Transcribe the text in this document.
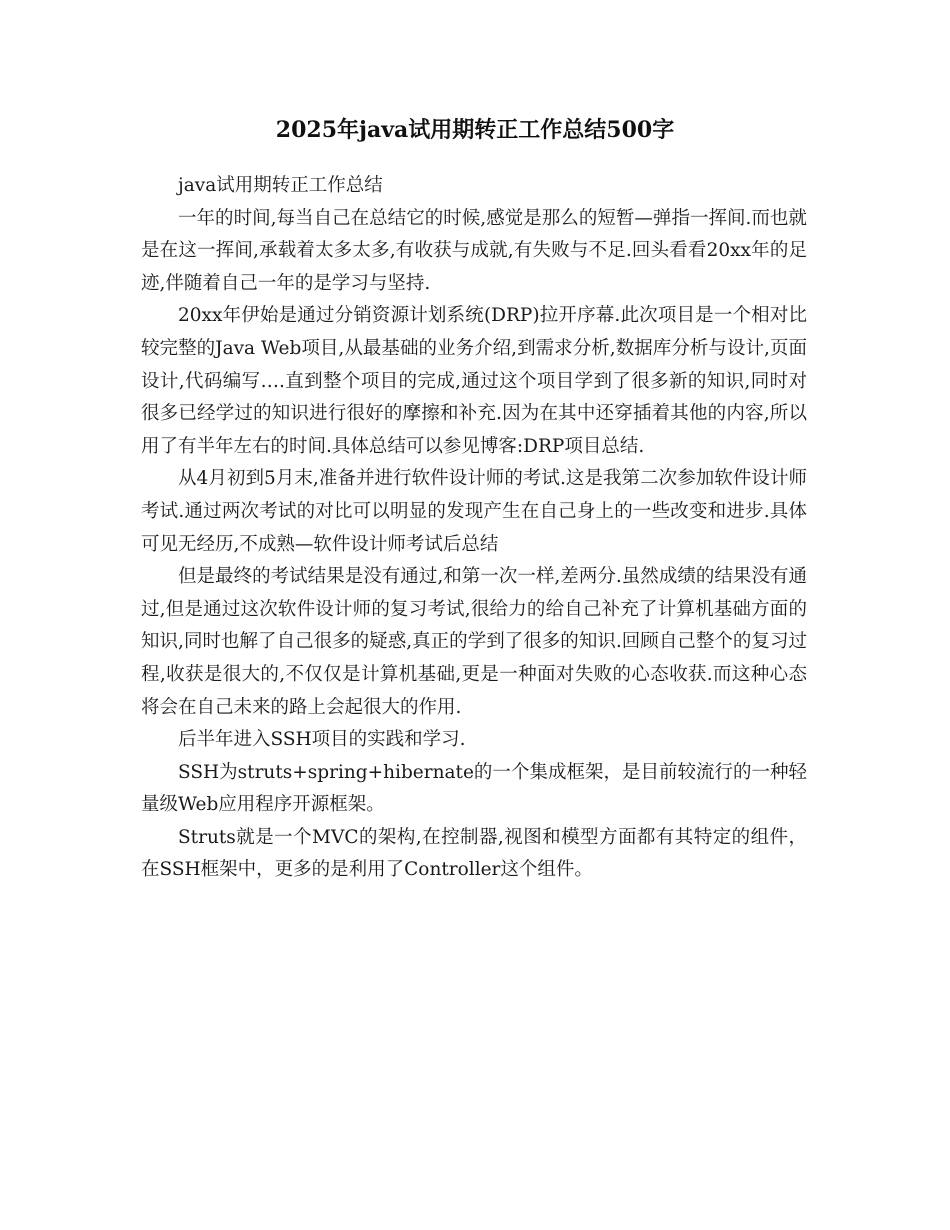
2025年java试用期转正工作总结500字

java试用期转正工作总结

一年的时间,每当自己在总结它的时候,感觉是那么的短暂—弹指一挥间.而也就是在这一挥间,承载着太多太多,有收获与成就,有失败与不足.回头看看20xx年的足迹,伴随着自己一年的是学习与坚持.

20xx年伊始是通过分销资源计划系统(DRP)拉开序幕.此次项目是一个相对比较完整的Java Web项目,从最基础的业务介绍,到需求分析,数据库分析与设计,页面设计,代码编写….直到整个项目的完成,通过这个项目学到了很多新的知识,同时对很多已经学过的知识进行很好的摩擦和补充.因为在其中还穿插着其他的内容,所以用了有半年左右的时间.具体总结可以参见博客:DRP项目总结.

从4月初到5月末,准备并进行软件设计师的考试.这是我第二次参加软件设计师考试.通过两次考试的对比可以明显的发现产生在自己身上的一些改变和进步.具体可见无经历,不成熟—软件设计师考试后总结

但是最终的考试结果是没有通过,和第一次一样,差两分.虽然成绩的结果没有通过,但是通过这次软件设计师的复习考试,很给力的给自己补充了计算机基础方面的知识,同时也解了自己很多的疑惑,真正的学到了很多的知识.回顾自己整个的复习过程,收获是很大的,不仅仅是计算机基础,更是一种面对失败的心态收获.而这种心态将会在自己未来的路上会起很大的作用.

后半年进入SSH项目的实践和学习.

SSH为struts+spring+hibernate的一个集成框架，是目前较流行的一种轻量级Web应用程序开源框架。

Struts就是一个MVC的架构,在控制器,视图和模型方面都有其特定的组件，在SSH框架中，更多的是利用了Controller这个组件。
